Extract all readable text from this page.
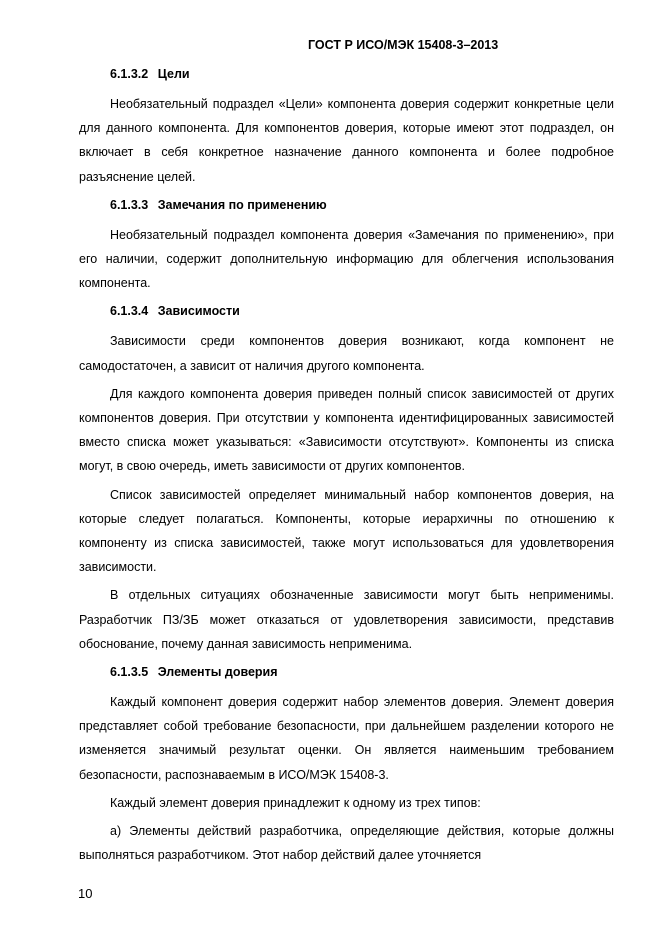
ГОСТ Р ИСО/МЭК 15408-3–2013
6.1.3.2 Цели

Необязательный подраздел «Цели» компонента доверия содержит конкретные цели для данного компонента. Для компонентов доверия, которые имеют этот подраздел, он включает в себя конкретное назначение данного компонента и более подробное разъяснение целей.

6.1.3.3 Замечания по применению

Необязательный подраздел компонента доверия «Замечания по применению», при его наличии, содержит дополнительную информацию для облегчения использования компонента.

6.1.3.4 Зависимости

Зависимости среди компонентов доверия возникают, когда компонент не самодостаточен, а зависит от наличия другого компонента.

Для каждого компонента доверия приведен полный список зависимостей от других компонентов доверия. При отсутствии у компонента идентифицированных зависимостей вместо списка может указываться: «Зависимости отсутствуют». Компоненты из списка могут, в свою очередь, иметь зависимости от других компонентов.

Список зависимостей определяет минимальный набор компонентов доверия, на которые следует полагаться. Компоненты, которые иерархичны по отношению к компоненту из списка зависимостей, также могут использоваться для удовлетворения зависимости.

В отдельных ситуациях обозначенные зависимости могут быть неприменимы. Разработчик ПЗ/ЗБ может отказаться от удовлетворения зависимости, представив обоснование, почему данная зависимость неприменима.

6.1.3.5 Элементы доверия

Каждый компонент доверия содержит набор элементов доверия. Элемент доверия представляет собой требование безопасности, при дальнейшем разделении которого не изменяется значимый результат оценки. Он является наименьшим требованием безопасности, распознаваемым в ИСО/МЭК 15408-3.

Каждый элемент доверия принадлежит к одному из трех типов:

а) Элементы действий разработчика, определяющие действия, которые должны выполняться разработчиком. Этот набор действий далее уточняется

10
